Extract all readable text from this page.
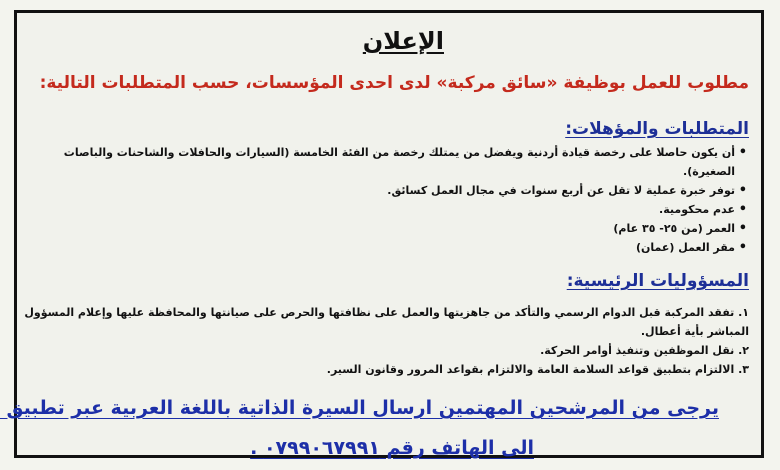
الإعلان
مطلوب للعمل بوظيفة «سائق مركبة» لدى احدى المؤسسات، حسب المتطلبات التالية:
المتطلبات والمؤهلات:
• أن يكون حاصلا على رخصة قيادة أردنية ويفضل من يمتلك رخصة من الفئة الخامسة (السيارات والحافلات والشاحنات والباصات الصغيرة).
• توفر خبرة عملية لا تقل عن أربع سنوات في مجال العمل كسائق.
• عدم محكومية.
• العمر (من ٢٥- ٣٥ عام)
• مقر العمل (عمان)
المسؤوليات الرئيسية:
١. تفقد المركبة قبل الدوام الرسمي والتأكد من جاهزيتها والعمل على نظافتها والحرص على صيانتها والمحافظة عليها وإعلام المسؤول المباشر بأية أعطال.
٢. نقل الموظفين وتنفيذ أوامر الحركة.
٣. الالتزام بتطبيق قواعد السلامة العامة والالتزام بقواعد المرور وقانون السير.
يرجى من المرشحين المهتمين ارسال السيرة الذاتية باللغة العربية عبر تطبيق
الى الهاتف رقم ٠٧٩٩٠٦٧٩٩١ .
